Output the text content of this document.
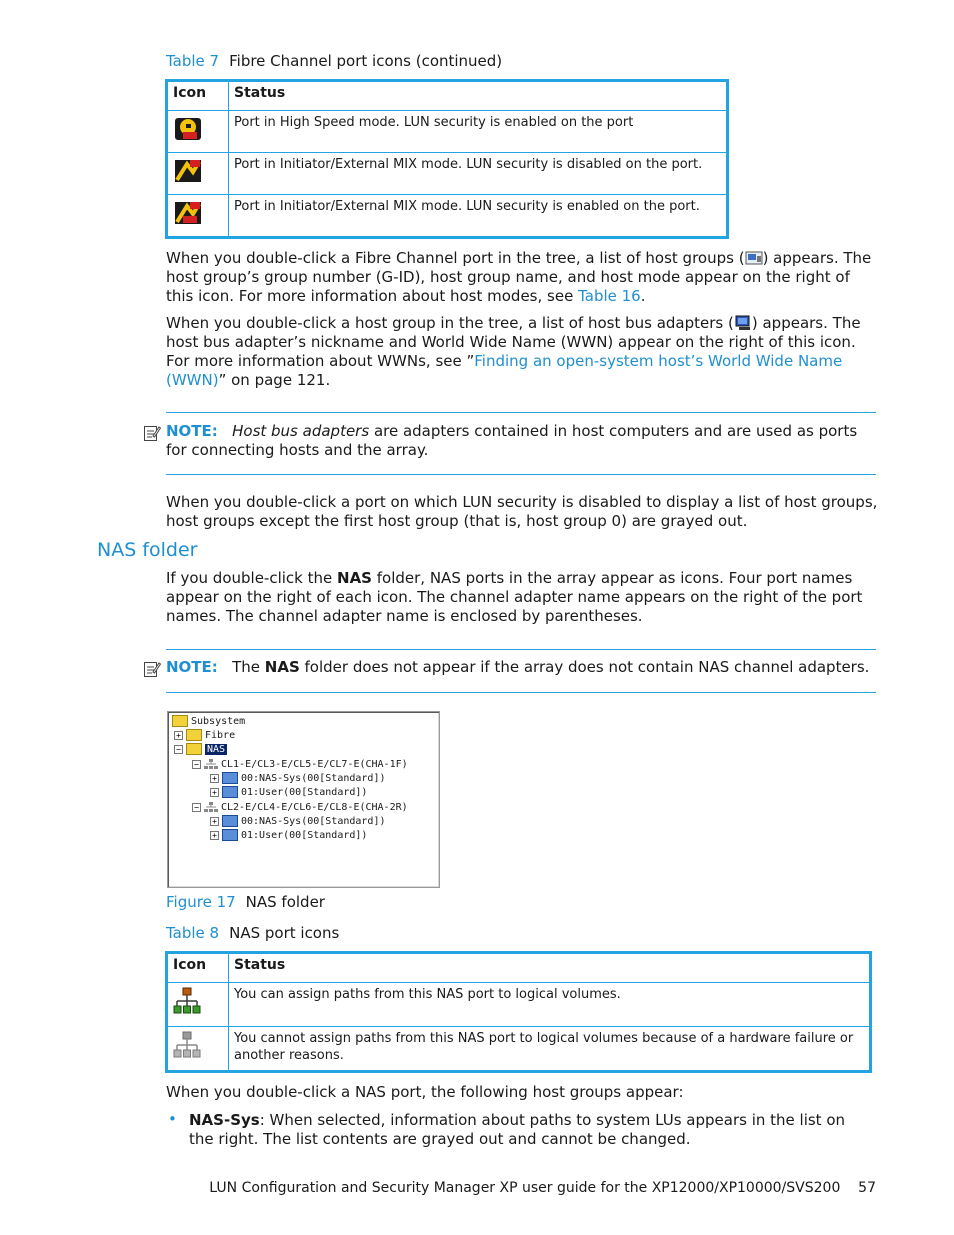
Table 7 Fibre Channel port icons (continued)
Icon	Status
	Port in High Speed mode. LUN security is enabled on the port
	Port in Initiator/External MIX mode. LUN security is disabled on the port.
	Port in Initiator/External MIX mode. LUN security is enabled on the port.
When you double-click a Fibre Channel port in the tree, a list of host groups ( ) appears. The host group’s group number (G-ID), host group name, and host mode appear on the right of this icon. For more information about host modes, see Table 16.
When you double-click a host group in the tree, a list of host bus adapters ( ) appears. The host bus adapter’s nickname and World Wide Name (WWN) appear on the right of this icon. For more information about WWNs, see ”Finding an open-system host’s World Wide Name (WWN)” on page 121.
NOTE: Host bus adapters are adapters contained in host computers and are used as ports for connecting hosts and the array.
When you double-click a port on which LUN security is disabled to display a list of host groups, host groups except the first host group (that is, host group 0) are grayed out.
NAS folder
If you double-click the NAS folder, NAS ports in the array appear as icons. Four port names appear on the right of each icon. The channel adapter name appears on the right of the port names. The channel adapter name is enclosed by parentheses.
NOTE: The NAS folder does not appear if the array does not contain NAS channel adapters.
Subsystem
+ Fibre
−	NAS
− CL1-E/CL3-E/CL5-E/CL7-E(CHA-1F)
+ 00:NAS-Sys(00[Standard])
+ 01:User(00[Standard])
− CL2-E/CL4-E/CL6-E/CL8-E(CHA-2R)
+ 00:NAS-Sys(00[Standard])
+ 01:User(00[Standard])
Figure 17 NAS folder
Table 8 NAS port icons
Icon	Status
	You can assign paths from this NAS port to logical volumes.
	You cannot assign paths from this NAS port to logical volumes because of a hardware failure or another reasons.
When you double-click a NAS port, the following host groups appear:
• NAS-Sys: When selected, information about paths to system LUs appears in the list on the right. The list contents are grayed out and cannot be changed.
LUN Configuration and Security Manager XP user guide for the XP12000/XP10000/SVS200 57
